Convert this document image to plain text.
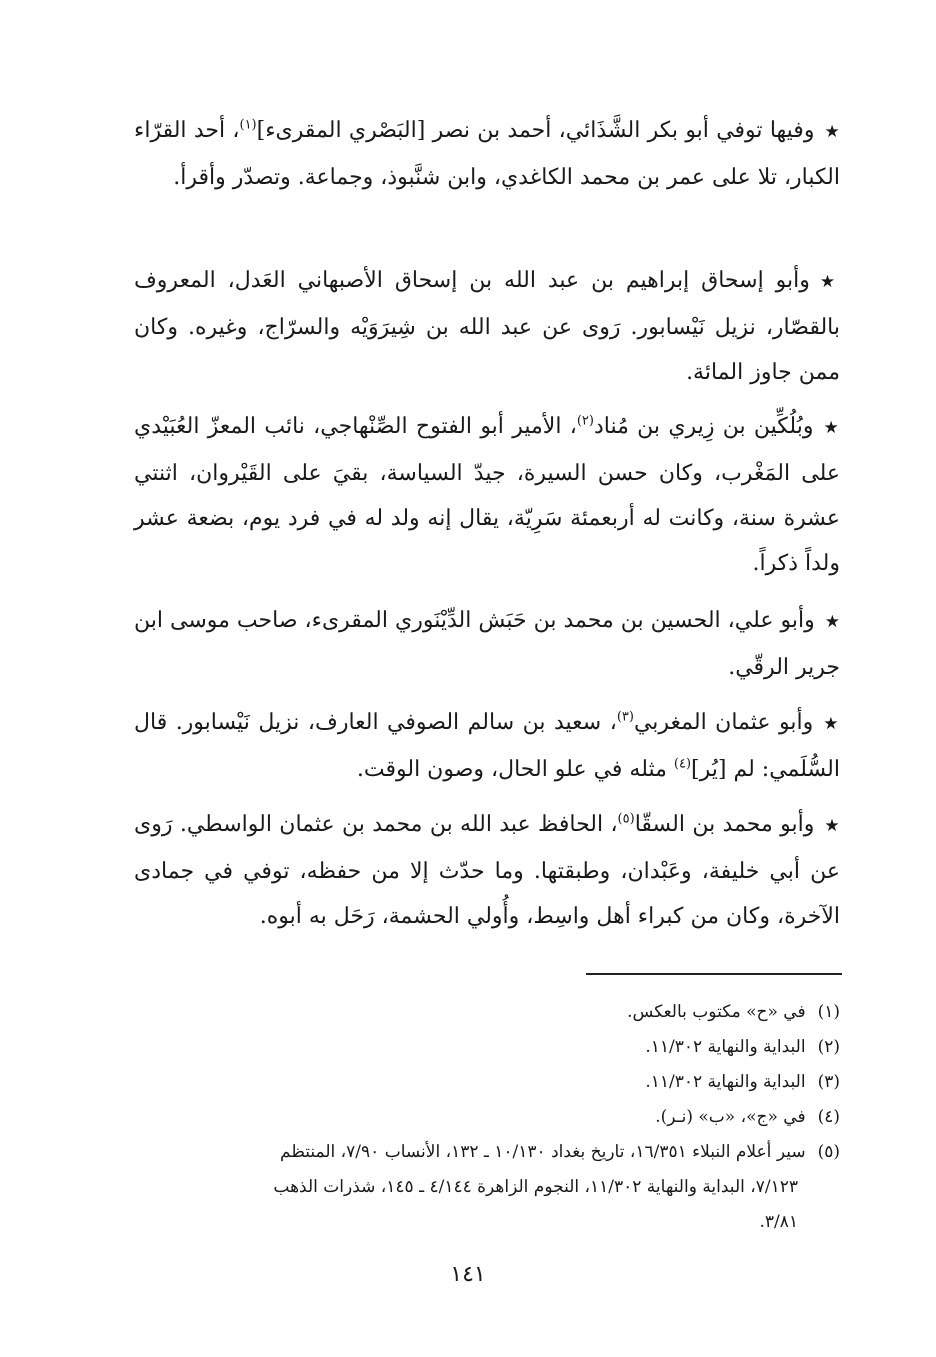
★وفيها توفي أبو بكر الشَّذَائي، أحمد بن نصر [البَصْري المقرىء]$^{(١)}$، أحد القرّاء الكبار، تلا على عمر بن محمد الكاغدي، وابن شنَّبوذ، وجماعة. وتصدّر وأقرأ.
★وأبو إسحاق إبراهيم بن عبد الله بن إسحاق الأصبهاني العَدل، المعروف بالقصّار، نزيل نَيْسابور. رَوى عن عبد الله بن شِيرَوَيْه والسرّاج، وغيره. وكان ممن جاوز المائة.
★وبُلُكِّين بن زِيري بن مُناد$^{(٢)}$، الأمير أبو الفتوح الصِّنْهاجي، نائب المعزّ العُبَيْدي على المَغْرب، وكان حسن السيرة، جيدّ السياسة، بقيَ على القَيْروان، اثنتي عشرة سنة، وكانت له أربعمئة سَرِيّة، يقال إنه ولد له في فرد يوم، بضعة عشر ولداً ذكراً.
★وأبو علي، الحسين بن محمد بن حَبَش الدِّيْنَوري المقرىء، صاحب موسى ابن جرير الرقّي.
★وأبو عثمان المغربي$^{(٣)}$، سعيد بن سالم الصوفي العارف، نزيل نَيْسابور. قال السُّلَمي: لم [يُر]$^{(٤)}$ مثله في علو الحال، وصون الوقت.
★وأبو محمد بن السقّا$^{(٥)}$، الحافظ عبد الله بن محمد بن عثمان الواسطي. رَوى عن أبي خليفة، وعَبْدان، وطبقتها. وما حدّث إلا من حفظه، توفي في جمادى الآخرة، وكان من كبراء أهل واسِط، وأُولي الحشمة، رَحَل به أبوه.
(١)في «ح» مكتوب بالعكس.
(٢)البداية والنهاية ١١/٣٠٢.
(٣)البداية والنهاية ١١/٣٠٢.
(٤)في «ج»، «ب» (نـر).
(٥)سير أعلام النبلاء ١٦/٣٥١، تاريخ بغداد ١٠/١٣٠ ـ ١٣٢، الأنساب ٧/٩٠، المنتظم
٧/١٢٣، البداية والنهاية ١١/٣٠٢، النجوم الزاهرة ٤/١٤٤ ـ ١٤٥، شذرات الذهب
٣/٨١.
١٤١
